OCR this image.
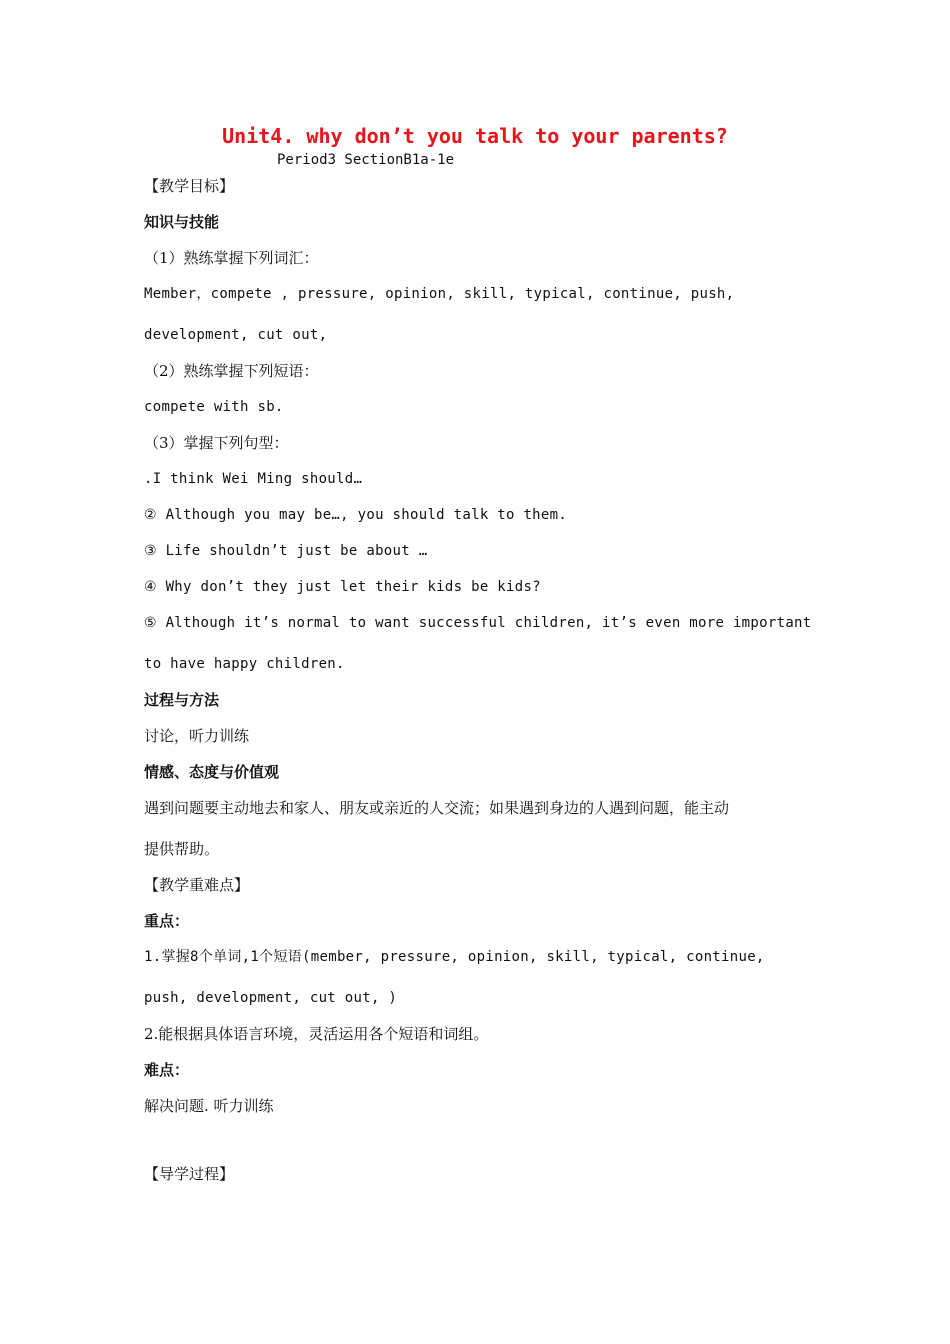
Unit4. why don’t you talk to your parents?
Period3 SectionB1a-1e
【教学目标】
知识与技能
（1）熟练掌握下列词汇：
Member，compete , pressure, opinion, skill, typical, continue, push,
development, cut out,
（2）熟练掌握下列短语：
compete with sb.
（3）掌握下列句型：
.I think Wei Ming should…
② Although you may be…, you should talk to them.
③ Life shouldn’t just be about …
④ Why don’t they just let their kids be kids?
⑤ Although it’s normal to want successful children, it’s even more important
to have happy children.
过程与方法
讨论，听力训练
情感、态度与价值观
遇到问题要主动地去和家人、朋友或亲近的人交流；如果遇到身边的人遇到问题，能主动
提供帮助。
【教学重难点】
重点：
1.掌握8个单词,1个短语(member, pressure, opinion, skill, typical, continue,
push, development, cut out, )
2.能根据具体语言环境，灵活运用各个短语和词组。
难点：
解决问题. 听力训练
【导学过程】
